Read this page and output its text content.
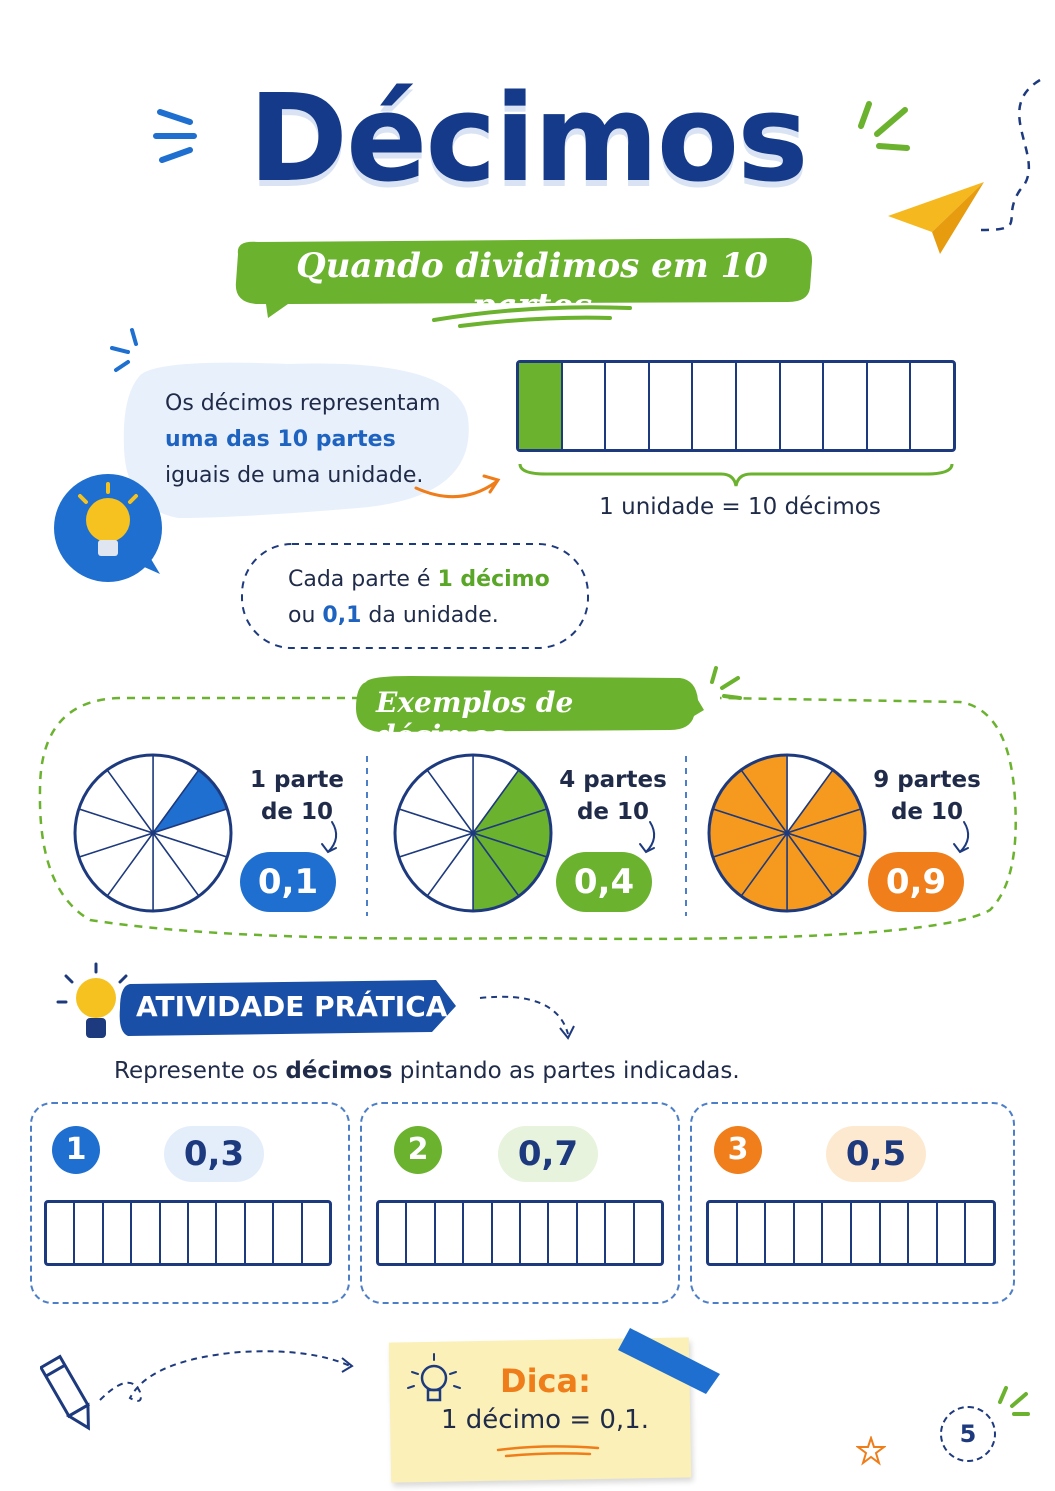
Décimos
Quando dividimos em 10 partes
Os décimos representam uma das 10 partes iguais de uma unidade.
1 unidade = 10 décimos
Cada parte é 1 décimo
ou 0,1 da unidade.
Exemplos de décimos
1 parte
de 10
0,1
4 partes
de 10
0,4
9 partes
de 10
0,9
ATIVIDADE PRÁTICA
Represente os décimos pintando as partes indicadas.
1	0,3	2	0,7	3	0,5
Dica:
1 décimo = 0,1.	5
